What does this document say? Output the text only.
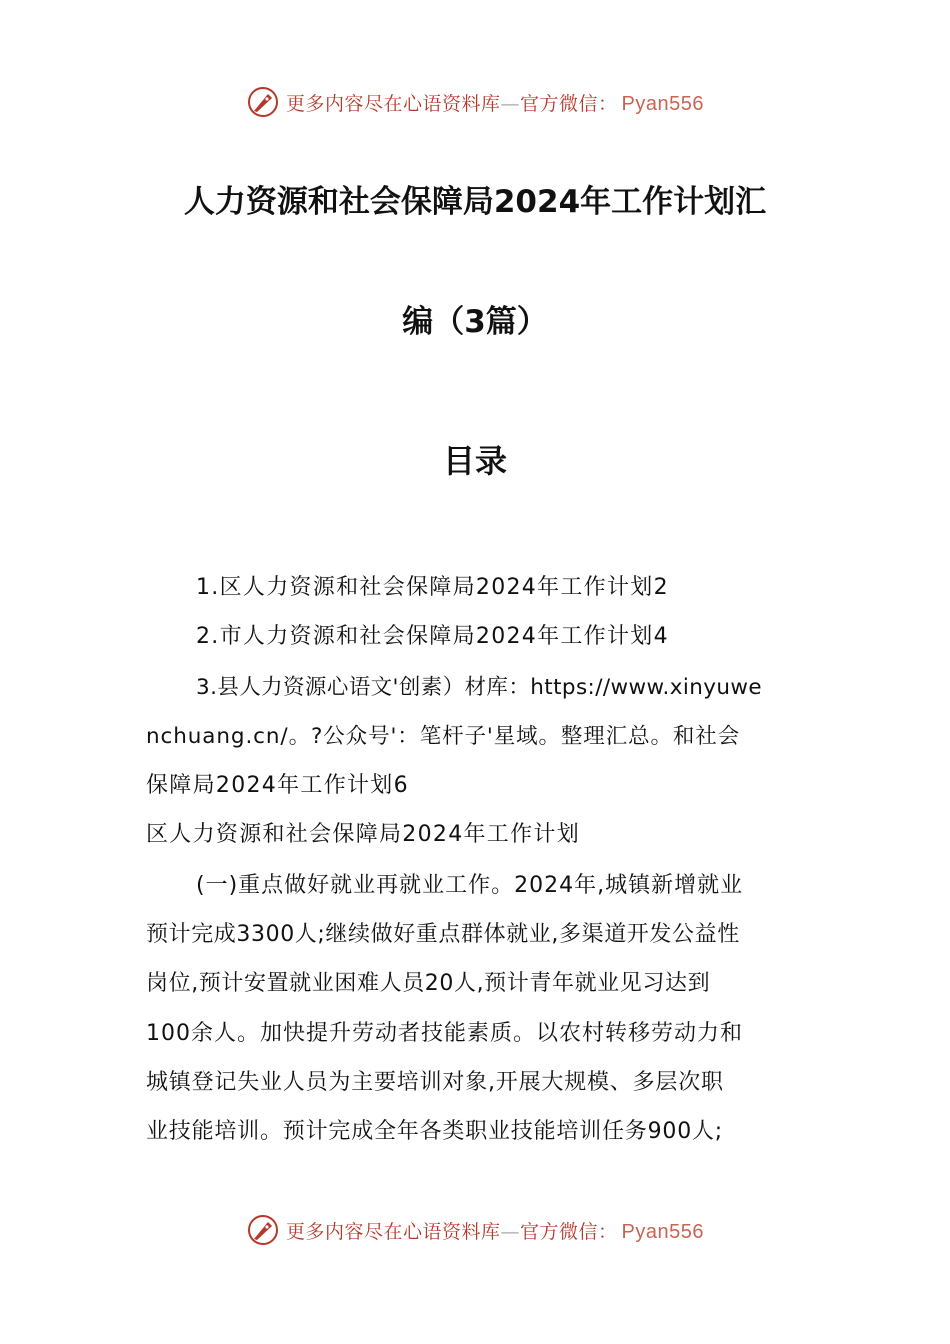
更多内容尽在心语资料库—官方微信： Pyan556
人力资源和社会保障局2024年工作计划汇
编（3篇）
目录
1.区人力资源和社会保障局2024年工作计划2
2.市人力资源和社会保障局2024年工作计划4
3.县人力资源心语文'创素）材库：https://www.xinyuwe
nchuang.cn/。?公众号'：笔杆子'星域。整理汇总。和社会
保障局2024年工作计划6
区人力资源和社会保障局2024年工作计划
(一)重点做好就业再就业工作。2024年,城镇新增就业
预计完成3300人;继续做好重点群体就业,多渠道开发公益性
岗位,预计安置就业困难人员20人,预计青年就业见习达到
100余人。加快提升劳动者技能素质。以农村转移劳动力和
城镇登记失业人员为主要培训对象,开展大规模、多层次职
业技能培训。预计完成全年各类职业技能培训任务900人;
更多内容尽在心语资料库—官方微信： Pyan556
